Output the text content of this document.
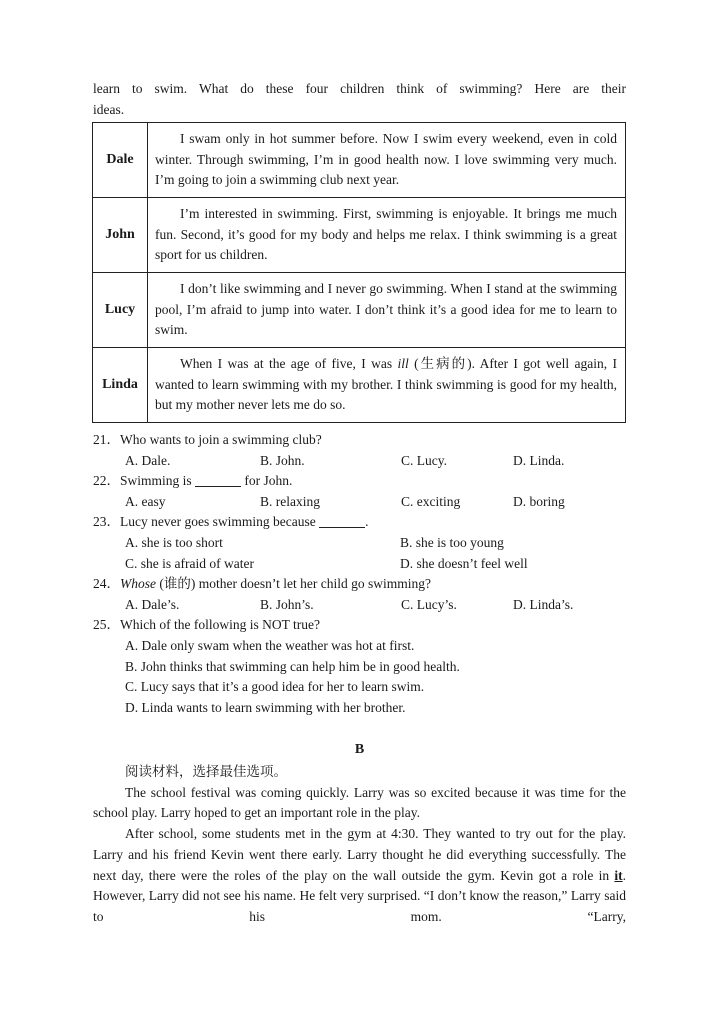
learn to swim. What do these four children think of swimming? Here are their
ideas.
Dale	I swam only in hot summer before. Now I swim every weekend, even in cold winter. Through swimming, I’m in good health now. I love swimming very much. I’m going to join a swimming club next year.

John	I’m interested in swimming. First, swimming is enjoyable. It brings me much fun. Second, it’s good for my body and helps me relax. I think swimming is a great sport for us children.

Lucy	I don’t like swimming and I never go swimming. When I stand at the swimming pool, I’m afraid to jump into water. I don’t think it’s a good idea for me to learn to swim.

Linda	When I was at the age of five, I was ill (生病的). After I got well again, I wanted to learn swimming with my brother. I think swimming is good for my health, but my mother never lets me do so.

21．Who wants to join a swimming club?
A. Dale.	B. John.	C. Lucy.	D. Linda.
22．Swimming is	for John.
A. easy	B. relaxing	C. exciting	D. boring
23．Lucy never goes swimming because	.
A. she is too short	B. she is too young
C. she is afraid of water	D. she doesn’t feel well
24．Whose (谁的) mother doesn’t let her child go swimming?
A. Dale’s.	B. John’s.	C. Lucy’s.	D. Linda’s.
25．Which of the following is NOT true?
A. Dale only swam when the weather was hot at first.
B. John thinks that swimming can help him be in good health.
C. Lucy says that it’s a good idea for her to learn swim.
D. Linda wants to learn swimming with her brother.
B

阅读材料，选择最佳选项。

The school festival was coming quickly. Larry was so excited because it was time for the school play. Larry hoped to get an important role in the play.

After school, some students met in the gym at 4:30. They wanted to try out for the play. Larry and his friend Kevin went there early. Larry thought he did everything successfully. The next day, there were the roles of the play on the wall outside the gym. Kevin got a role in it. However, Larry did not see his name. He felt very surprised. “I don’t know the reason,” Larry said to his mom. “Larry,
